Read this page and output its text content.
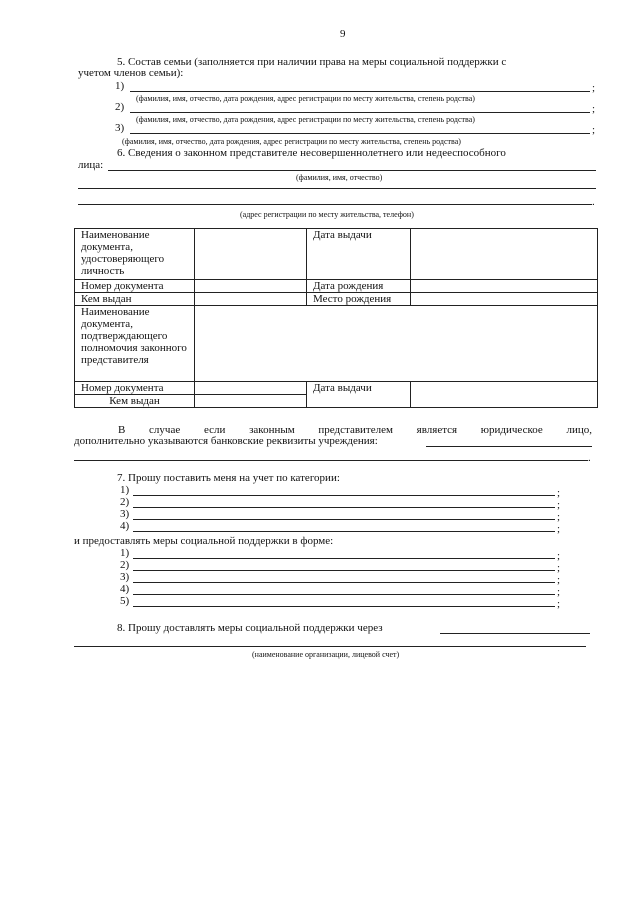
9
5. Состав семьи (заполняется при наличии права на меры социальной поддержки с
учетом членов семьи):
1)	;
(фамилия, имя, отчество, дата рождения, адрес регистрации по месту жительства, степень родства)
2)	;
(фамилия, имя, отчество, дата рождения, адрес регистрации по месту жительства, степень родства)
3)	;
(фамилия, имя, отчество, дата рождения, адрес регистрации по месту жительства, степень родства)
6. Сведения о законном представителе несовершеннолетнего или недееспособного
лица:
(фамилия, имя, отчество)
.
(адрес регистрации по месту жительства, телефон)
Наименование документа, удостоверяющего личность		Дата выдачи	
Номер документа		Дата рождения	
Кем выдан		Место рождения	
Наименование документа, подтверждающего полномочия законного представителя			
Номер документа		Дата выдачи	
Кем выдан			
В случае если законным представителем является юридическое лицо,
дополнительно указываются банковские реквизиты учреждения:
.
7. Прошу поставить меня на учет по категории:
1)	;
2)	;
3)	;
4)	;
и предоставлять меры социальной поддержки в форме:
1)	;
2)	;
3)	;
4)	;
5)	;
8. Прошу доставлять меры социальной поддержки через
(наименование организации, лицевой счет)
